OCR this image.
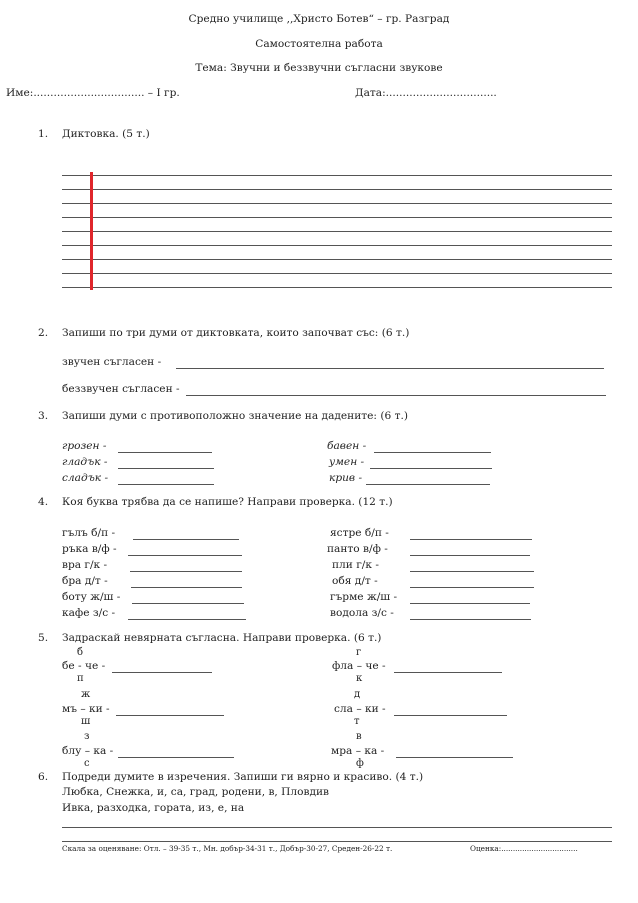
Средно училище ,,Христо Ботев“ – гр. Разград
Самостоятелна работа
Тема: Звучни и беззвучни съгласни звукове
Име:................................. – I гр.	Дата:.................................
1. Диктовка. (5 т.)
2. Запиши по три думи от диктовката, които започват със: (6 т.)
звучен съгласен -
беззвучен съгласен -
3. Запиши думи с противоположно значение на дадените: (6 т.)
грозен -
гладък -
сладък -
бавен -
умен -
крив -
4. Коя буква трябва да се напише? Направи проверка. (12 т.)
гълъ б/п -
ръка в/ф -
вра г/к -
бра д/т -
боту ж/ш -
кафе з/с -
ястре б/п -
панто в/ф -
пли г/к -
обя д/т -
гърме ж/ш -
водола з/с -
5. Задраскай невярната съгласна. Направи проверка. (6 т.)
б
бе - че -
п
ж
мъ – ки -
ш
з
блу – ка -
с
г
фла – че -
к
д
сла – ки -
т
в
мра – ка -
ф
6. Подреди думите в изречения. Запиши ги вярно и красиво. (4 т.)
Любка, Снежка, и, са, град, родени, в, Пловдив
Ивка, разходка, гората, из, е, на
Скала за оценяване: Отл. – 39-35 т., Мн. добър-34-31 т., Добър-30-27, Среден-26-22 т.	Оценка:.................................
